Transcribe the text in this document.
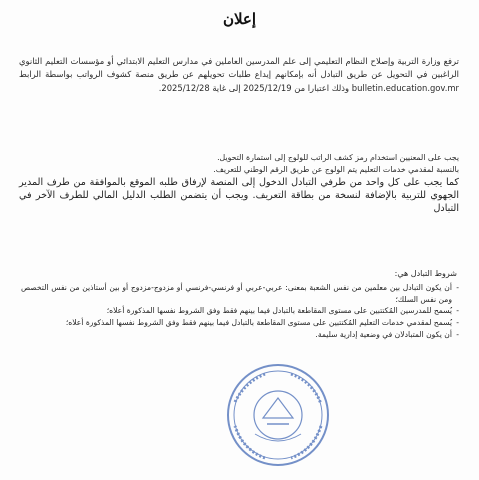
إعلان
ترفع وزارة التربية وإصلاح النظام التعليمي إلى علم المدرسين العاملين في مدارس التعليم الابتدائي أو مؤسسات التعليم الثانوي الراغبين في التحويل عن طريق التبادل أنه بإمكانهم إيداع طلبات تحويلهم عن طريق منصة كشوف الرواتب بواسطة الرابط bulletin.education.gov.mr وذلك اعتبارا من 2025/12/19 إلى غاية 2025/12/28.
يجب على المعنيين استخدام رمز كشف الراتب للولوج إلى استمارة التحويل.
بالنسبة لمقدمي خدمات التعليم يتم الولوج عن طريق الرقم الوطني للتعريف.
كما يجب على كل واحد من طرفي التبادل الدخول إلى المنصة لإرفاق طلبه الموقع بالموافقة من طرف المدير الجهوي للتربية بالإضافة لنسخة من بطاقة التعريف. ويجب أن يتضمن الطلب الدليل المالي للطرف الآخر في التبادل
شروط التبادل هي:
- أن يكون التبادل بين معلمين من نفس الشعبة بمعنى: عربي-عربي أو فرنسي-فرنسي أو مزدوج-مزدوج أو بين أستاذين من نفس التخصص ومن نفس السلك؛
- يُسمح للمدرسين المُكتتبين على مستوى المقاطعة بالتبادل فيما بينهم فقط وفق الشروط نفسها المذكورة أعلاه؛
- يُسمح لمقدمي خدمات التعليم المُكتتبين على مستوى المقاطعة بالتبادل فيما بينهم فقط وفق الشروط نفسها المذكورة أعلاه؛
- أن يكون المتبادلان في وضعية إدارية سليمة.
